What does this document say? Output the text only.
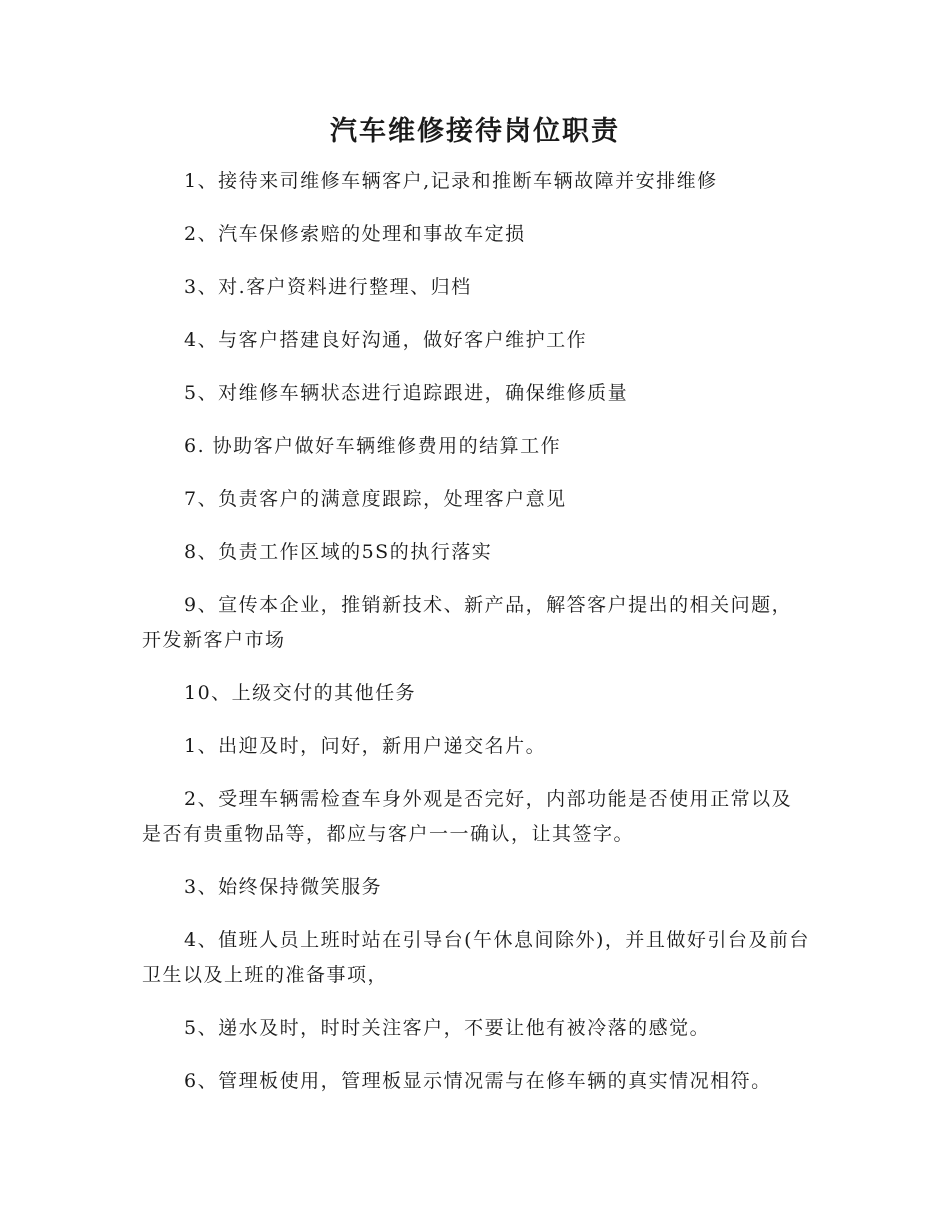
汽车维修接待岗位职责

1、接待来司维修车辆客户,记录和推断车辆故障并安排维修

2、汽车保修索赔的处理和事故车定损

3、对.客户资料进行整理、归档

4、与客户搭建良好沟通，做好客户维护工作

5、对维修车辆状态进行追踪跟进，确保维修质量

6. 协助客户做好车辆维修费用的结算工作

7、负责客户的满意度跟踪，处理客户意见

8、负责工作区域的5S的执行落实

9、宣传本企业，推销新技术、新产品，解答客户提出的相关问题，开发新客户市场

10、上级交付的其他任务

1、出迎及时，问好，新用户递交名片。

2、受理车辆需检查车身外观是否完好，内部功能是否使用正常以及是否有贵重物品等，都应与客户一一确认，让其签字。

3、始终保持微笑服务

4、值班人员上班时站在引导台(午休息间除外)，并且做好引台及前台卫生以及上班的准备事项，

5、递水及时，时时关注客户，不要让他有被冷落的感觉。

6、管理板使用，管理板显示情况需与在修车辆的真实情况相符。
